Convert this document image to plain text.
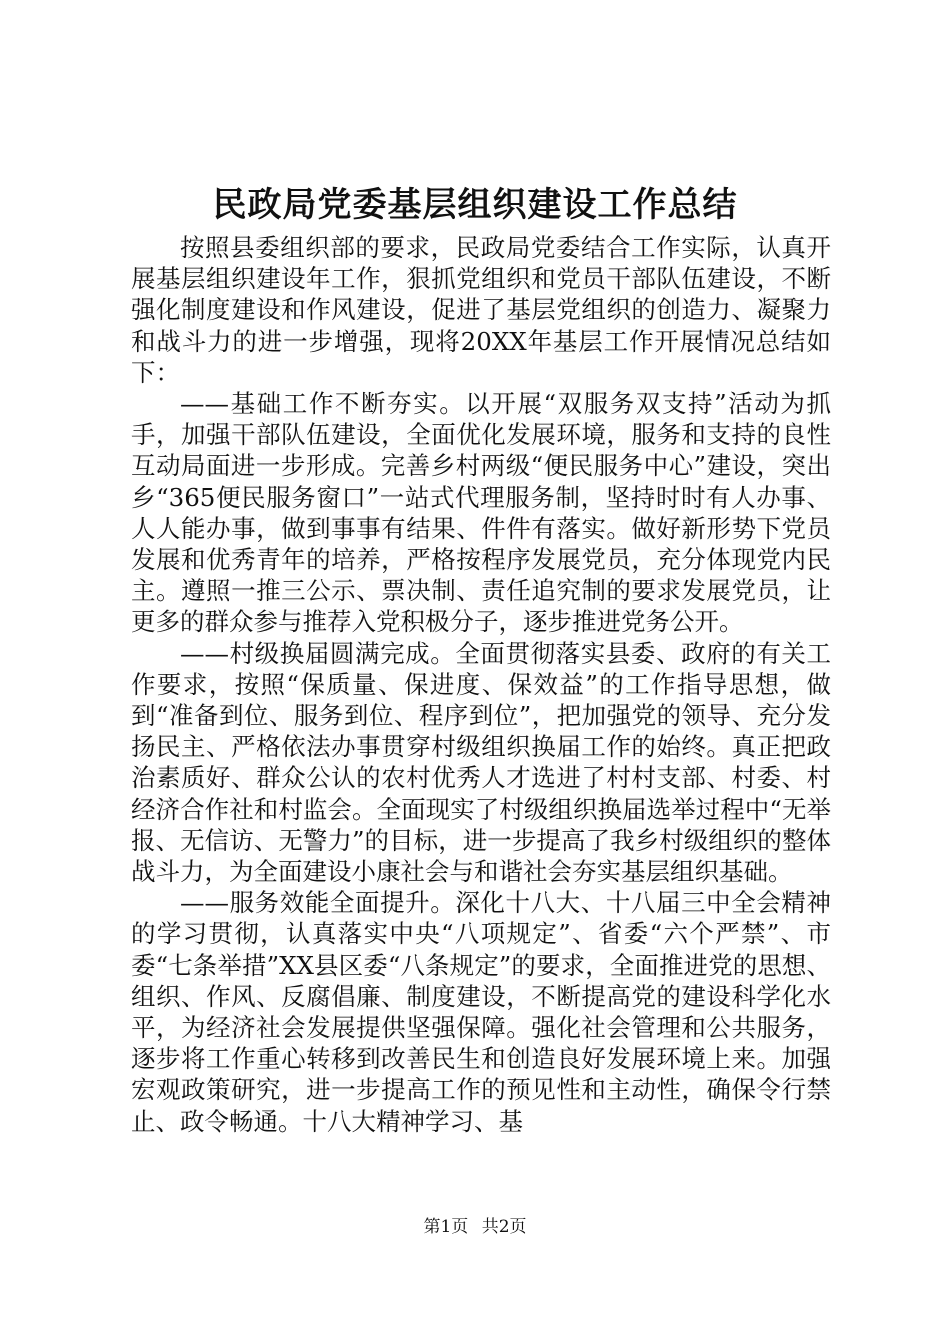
民政局党委基层组织建设工作总结

按照县委组织部的要求，民政局党委结合工作实际，认真开展基层组织建设年工作，狠抓党组织和党员干部队伍建设，不断强化制度建设和作风建设，促进了基层党组织的创造力、凝聚力和战斗力的进一步增强，现将20XX年基层工作开展情况总结如下：

——基础工作不断夯实。以开展“双服务双支持”活动为抓手，加强干部队伍建设，全面优化发展环境，服务和支持的良性互动局面进一步形成。完善乡村两级“便民服务中心”建设，突出乡“365便民服务窗口”一站式代理服务制，坚持时时有人办事、人人能办事，做到事事有结果、件件有落实。做好新形势下党员发展和优秀青年的培养，严格按程序发展党员，充分体现党内民主。遵照一推三公示、票决制、责任追究制的要求发展党员，让更多的群众参与推荐入党积极分子，逐步推进党务公开。

——村级换届圆满完成。全面贯彻落实县委、政府的有关工作要求，按照“保质量、保进度、保效益”的工作指导思想，做到“准备到位、服务到位、程序到位”，把加强党的领导、充分发扬民主、严格依法办事贯穿村级组织换届工作的始终。真正把政治素质好、群众公认的农村优秀人才选进了村村支部、村委、村经济合作社和村监会。全面现实了村级组织换届选举过程中“无举报、无信访、无警力”的目标，进一步提高了我乡村级组织的整体战斗力，为全面建设小康社会与和谐社会夯实基层组织基础。

——服务效能全面提升。深化十八大、十八届三中全会精神的学习贯彻，认真落实中央“八项规定”、省委“六个严禁”、市委“七条举措”XX县区委“八条规定”的要求，全面推进党的思想、组织、作风、反腐倡廉、制度建设，不断提高党的建设科学化水平，为经济社会发展提供坚强保障。强化社会管理和公共服务，逐步将工作重心转移到改善民生和创造良好发展环境上来。加强宏观政策研究，进一步提高工作的预见性和主动性，确保令行禁止、政令畅通。十八大精神学习、基

第1页 共2页
